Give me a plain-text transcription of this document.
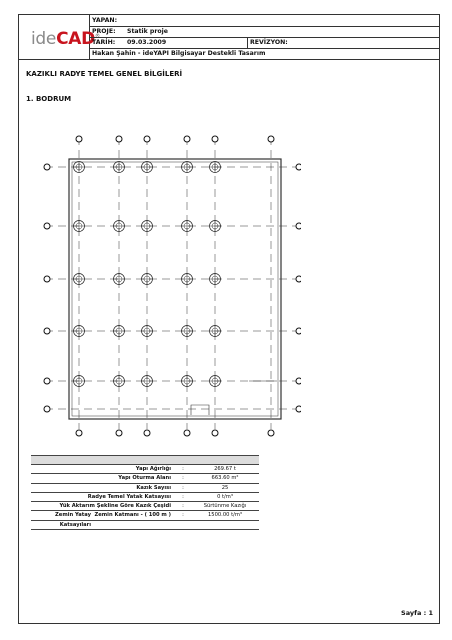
ideCAD®
YAPAN:
PROJE: Statik proje
TARİH: 09.03.2009	REVİZYON:
Hakan Şahin - ideYAPI Bilgisayar Destekli Tasarım
KAZIKLI RADYE TEMEL GENEL BİLGİLERİ
1. BODRUM
Yapı Ağırlığı	:	269.67 t
Yapı Oturma Alanı	:	663.60 m²
Kazık Sayısı	:	25
Radye Temel Yatak Katsayısı	:	0 t/m³
Yük Aktarım Şekline Göre Kazık Çeşidi	:	Sürtünme Kazığı
Zemin Katmanı - ( 100 m )
Zemin Yatay	:	1500.00 t/m³
Katsayıları
Sayfa : 1
